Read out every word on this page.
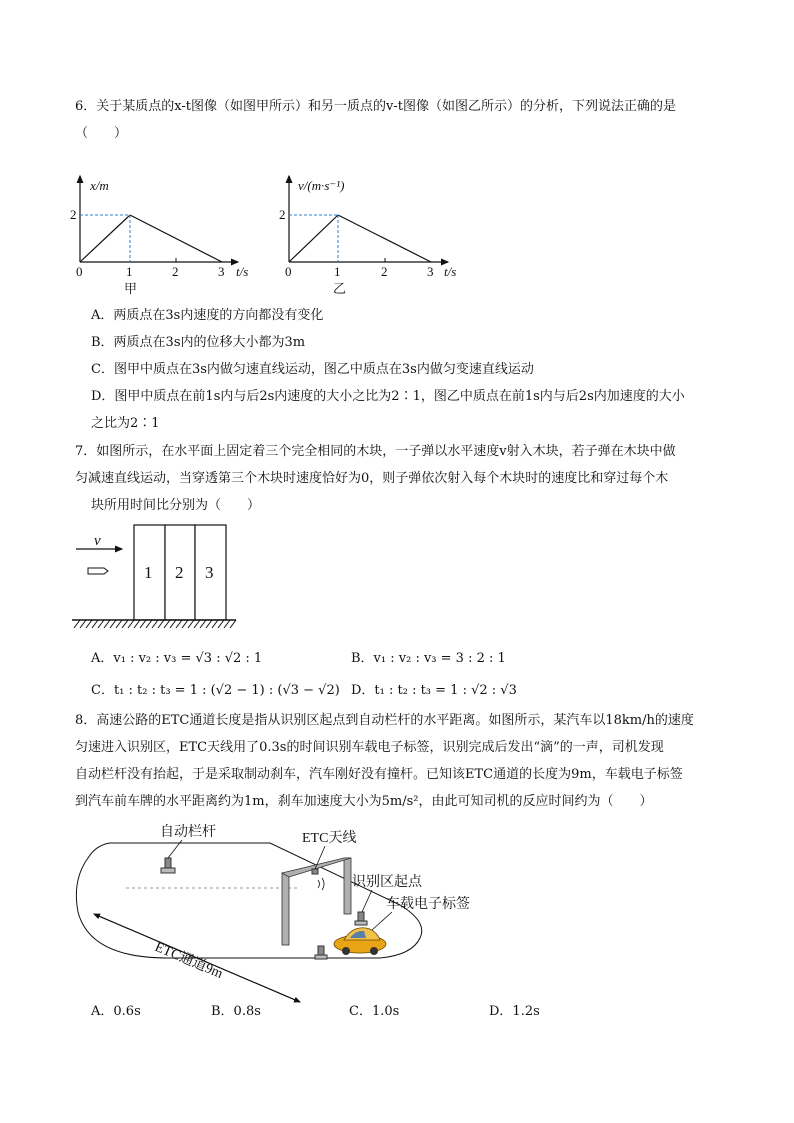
6．关于某质点的x-t图像（如图甲所示）和另一质点的v-t图像（如图乙所示）的分析，下列说法正确的是
（　　）
x/m
2
0	1	2	3 t/s
甲
v/(m·s⁻¹)
2
0	1	2	3 t/s
乙
A．两质点在3s内速度的方向都没有变化
B．两质点在3s内的位移大小都为3m
C．图甲中质点在3s内做匀速直线运动，图乙中质点在3s内做匀变速直线运动
D．图甲中质点在前1s内与后2s内速度的大小之比为2∶1，图乙中质点在前1s内与后2s内加速度的大小
之比为2∶1
7．如图所示，在水平面上固定着三个完全相同的木块，一子弹以水平速度v射入木块，若子弹在木块中做
匀减速直线运动，当穿透第三个木块时速度恰好为0，则子弹依次射入每个木块时的速度比和穿过每个木
块所用时间比分别为（　　）
v
1 2 3
A．v₁ : v₂ : v₃ = √3 : √2 : 1	B．v₁ : v₂ : v₃ = 3 : 2 : 1
C．t₁ : t₂ : t₃ = 1 : (√2 − 1) : (√3 − √2) D．t₁ : t₂ : t₃ = 1 : √2 : √3
8．高速公路的ETC通道长度是指从识别区起点到自动栏杆的水平距离。如图所示，某汽车以18km/h的速度
匀速进入识别区，ETC天线用了0.3s的时间识别车载电子标签，识别完成后发出“滴”的一声，司机发现
自动栏杆没有抬起，于是采取制动刹车，汽车刚好没有撞杆。已知该ETC通道的长度为9m，车载电子标签
到汽车前车牌的水平距离约为1m，刹车加速度大小为5m/s²，由此可知司机的反应时间约为（　　）
自动栏杆	ETC天线
识别区起点
车载电子标签
ETC通道9m
A．0.6s	B．0.8s	C．1.0s	D．1.2s
